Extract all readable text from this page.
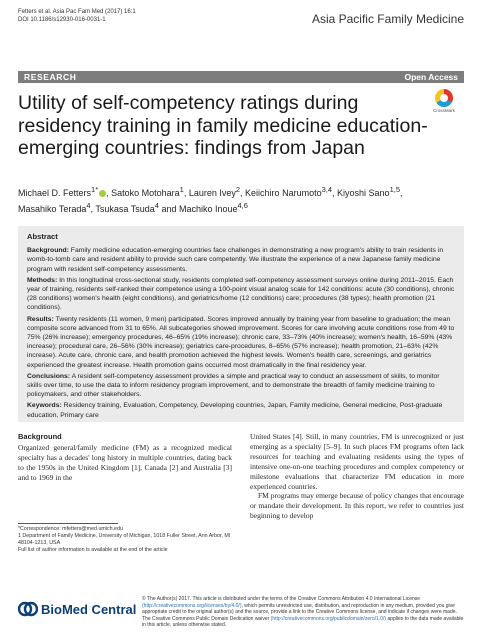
Fetters et al. Asia Pac Fam Med (2017) 16:1
DOI 10.1186/s12930-016-0031-1	Asia Pacific Family Medicine
RESEARCH	Open Access
CrossMark
Utility of self-competency ratings during residency training in family medicine education-emerging countries: findings from Japan
Michael D. Fetters$^{1*}$ , Satoko Motohara$^1$, Lauren Ivey$^2$, Keiichiro Narumoto$^{3,4}$, Kiyoshi Sano$^{1,5}$,
Masahiko Terada$^4$, Tsukasa Tsuda$^4$ and Machiko Inoue$^{4,6}$
Abstract

Background: Family medicine education-emerging countries face challenges in demonstrating a new program's ability to train residents in womb-to-tomb care and resident ability to provide such care competently. We illustrate the experience of a new Japanese family medicine program with resident self-competency assessments.

Methods: In this longitudinal cross-sectional study, residents completed self-competency assessment surveys online during 2011–2015. Each year of training, residents self-ranked their competence using a 100-point visual analog scale for 142 conditions: acute (30 conditions), chronic (28 conditions) women's health (eight conditions), and geriatrics/home (12 conditions) care; procedures (38 types); health promotion (21 conditions).

Results: Twenty residents (11 women, 9 men) participated. Scores improved annually by training year from baseline to graduation; the mean composite score advanced from 31 to 65%. All subcategories showed improvement. Scores for care involving acute conditions rose from 49 to 75% (26% increase); emergency procedures, 46–65% (19% increase); chronic care, 33–73% (40% increase); women's health, 16–59% (43% increase); procedural care, 26–56% (30% increase); geriatrics care-procedures, 8–65% (57% increase); health promotion, 21–63% (42% increase). Acute care, chronic care, and health promotion achieved the highest levels. Women's health care, screenings, and geriatrics experienced the greatest increase. Health promotion gains occurred most dramatically in the final residency year.

Conclusions: A resident self-competency assessment provides a simple and practical way to conduct an assessment of skills, to monitor skills over time, to use the data to inform residency program improvement, and to demonstrate the breadth of family medicine training to policymakers, and other stakeholders.

Keywords: Residency training, Evaluation, Competency, Developing countries, Japan, Family medicine, General medicine, Post-graduate education, Primary care

Background

Organized general/family medicine (FM) as a recognized medical specialty has a decades' long history in multiple countries, dating back to the 1950s in the United Kingdom [1], Canada [2] and Australia [3] and to 1969 in the

United States [4]. Still, in many countries, FM is unrecognized or just emerging as a specialty [5–9]. In such places FM programs often lack resources for teaching and evaluating residents using the types of intensive one-on-one teaching procedures and complex competency or milestone evaluations that characterize FM education in more experienced countries.

FM programs may emerge because of policy changes that encourage or mandate their development. In this report, we refer to countries just beginning to develop

*Correspondence: mfetters@med.umich.edu
1 Department of Family Medicine, University of Michigan, 1018 Fuller Street, Ann Arbor, MI 48104-1213, USA
Full list of author information is available at the end of the article
BioMed Central
© The Author(s) 2017. This article is distributed under the terms of the Creative Commons Attribution 4.0 International License (http://creativecommons.org/licenses/by/4.0/), which permits unrestricted use, distribution, and reproduction in any medium, provided you give appropriate credit to the original author(s) and the source, provide a link to the Creative Commons license, and indicate if changes were made. The Creative Commons Public Domain Dedication waiver (http://creativecommons.org/publicdomain/zero/1.0/) applies to the data made available in this article, unless otherwise stated.
